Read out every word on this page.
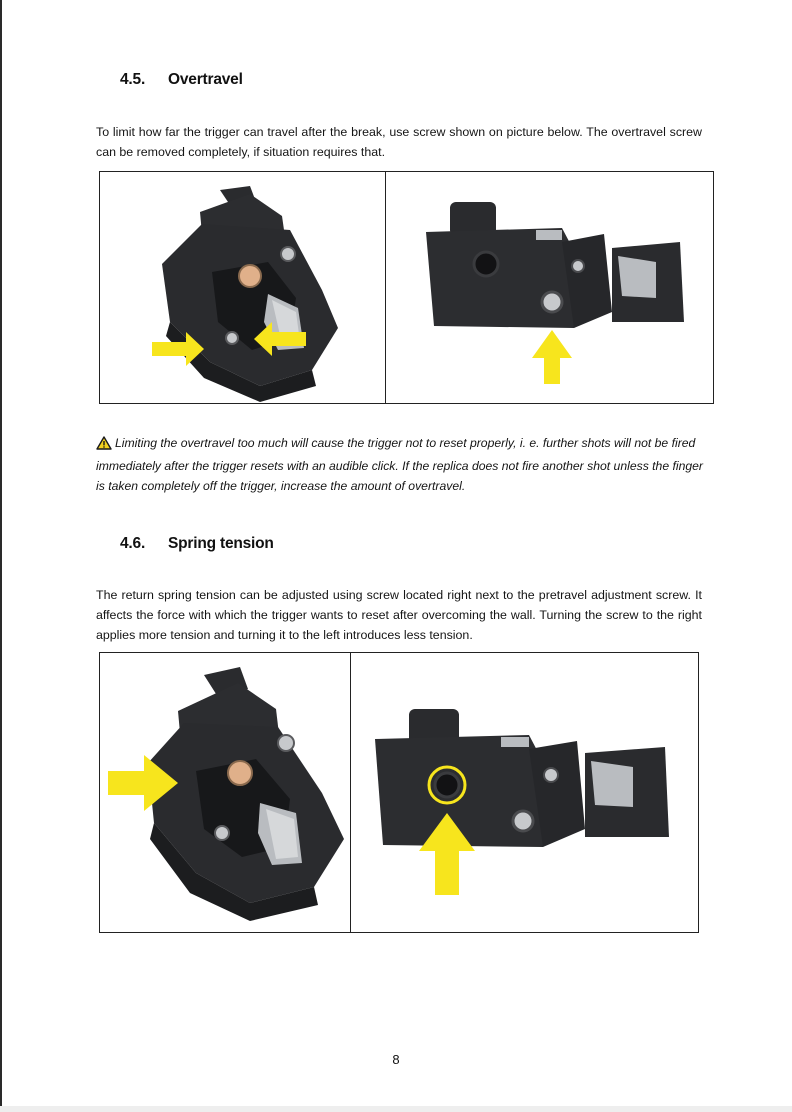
4.5. Overtravel
To limit how far the trigger can travel after the break, use screw shown on picture below. The overtravel screw can be removed completely, if situation requires that.
Limiting the overtravel too much will cause the trigger not to reset properly, i. e. further shots will not be fired immediately after the trigger resets with an audible click. If the replica does not fire another shot unless the finger is taken completely off the trigger, increase the amount of overtravel.
4.6. Spring tension
The return spring tension can be adjusted using screw located right next to the pretravel adjustment screw. It affects the force with which the trigger wants to reset after overcoming the wall. Turning the screw to the right applies more tension and turning it to the left introduces less tension.
8
